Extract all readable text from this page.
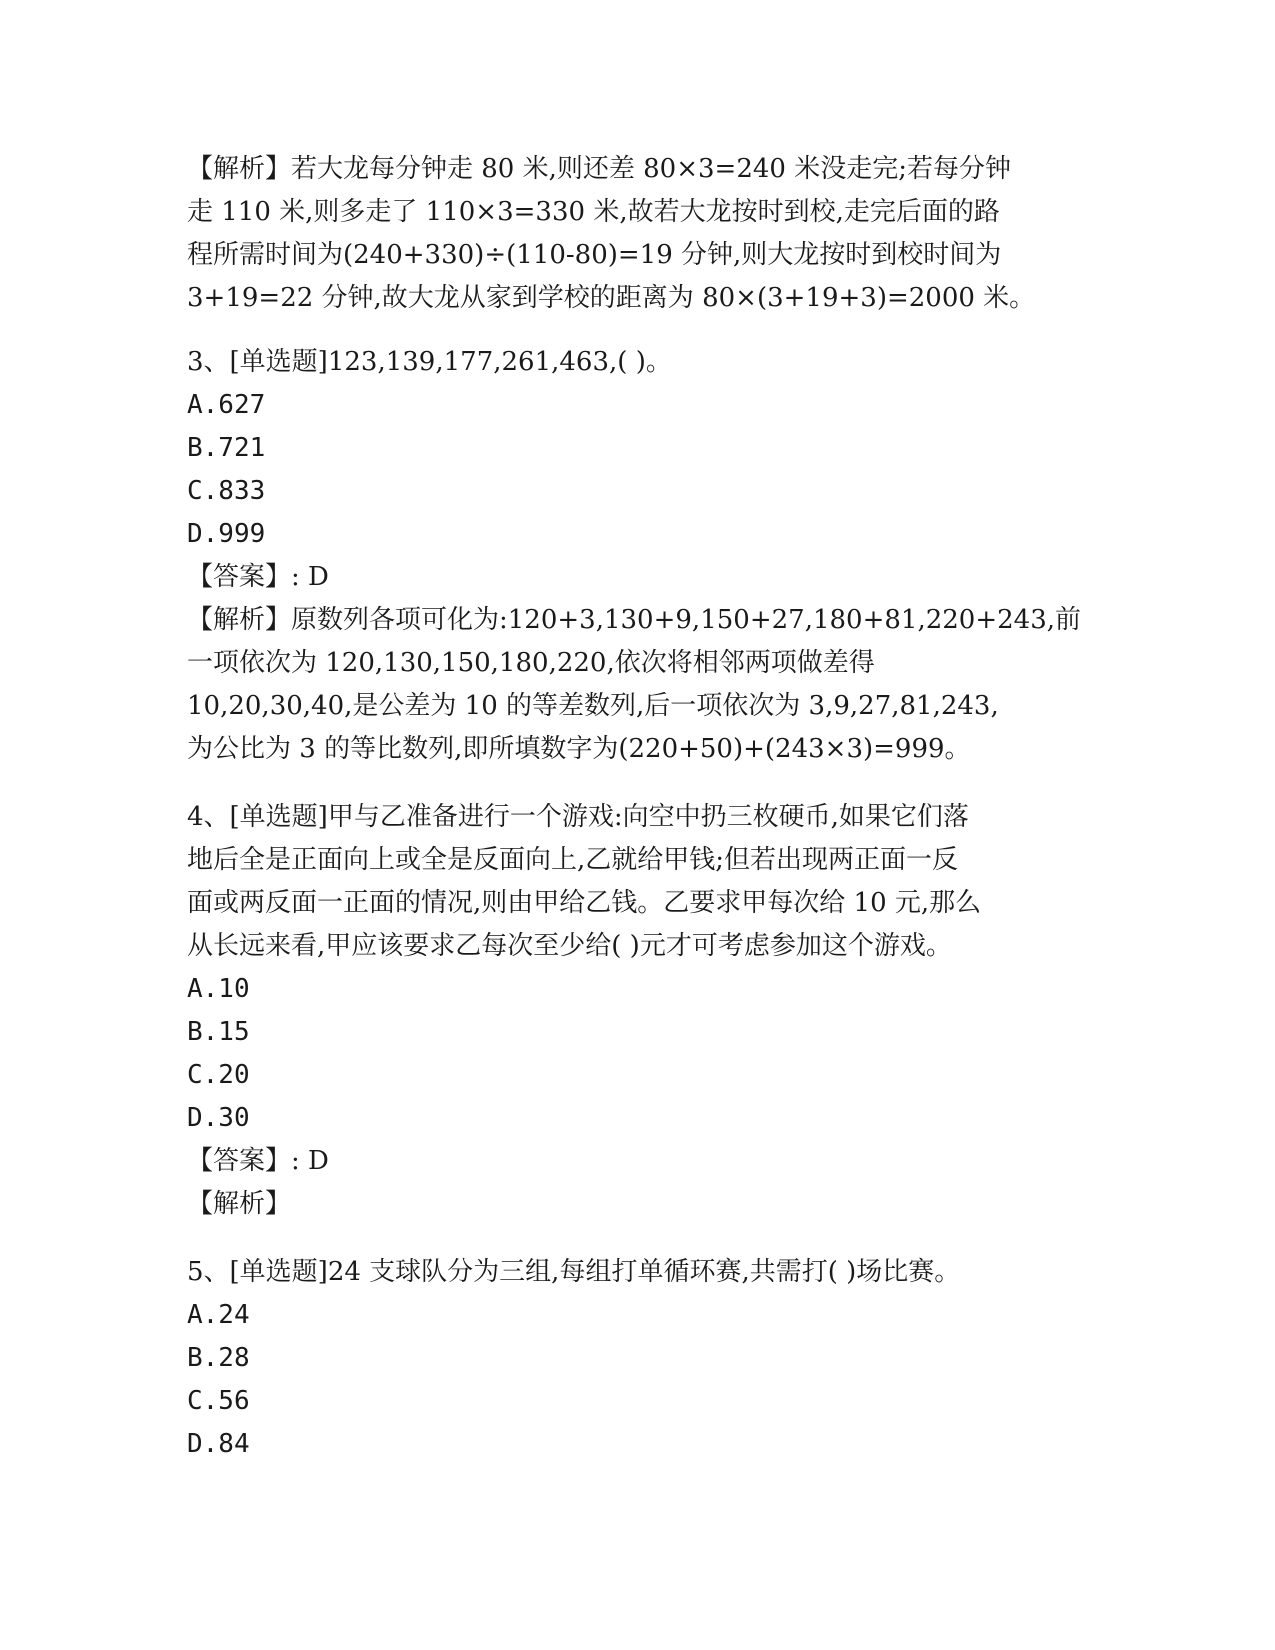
【解析】若大龙每分钟走 80 米,则还差 80×3=240 米没走完;若每分钟
走 110 米,则多走了 110×3=330 米,故若大龙按时到校,走完后面的路
程所需时间为(240+330)÷(110-80)=19 分钟,则大龙按时到校时间为
3+19=22 分钟,故大龙从家到学校的距离为 80×(3+19+3)=2000 米。
3、[单选题]123,139,177,261,463,( )。
A.627
B.721
C.833
D.999
【答案】: D
【解析】原数列各项可化为:120+3,130+9,150+27,180+81,220+243,前
一项依次为 120,130,150,180,220,依次将相邻两项做差得
10,20,30,40,是公差为 10 的等差数列,后一项依次为 3,9,27,81,243,
为公比为 3 的等比数列,即所填数字为(220+50)+(243×3)=999。
4、[单选题]甲与乙准备进行一个游戏:向空中扔三枚硬币,如果它们落
地后全是正面向上或全是反面向上,乙就给甲钱;但若出现两正面一反
面或两反面一正面的情况,则由甲给乙钱。乙要求甲每次给 10 元,那么
从长远来看,甲应该要求乙每次至少给( )元才可考虑参加这个游戏。
A.10
B.15
C.20
D.30
【答案】: D
【解析】
5、[单选题]24 支球队分为三组,每组打单循环赛,共需打( )场比赛。
A.24
B.28
C.56
D.84
